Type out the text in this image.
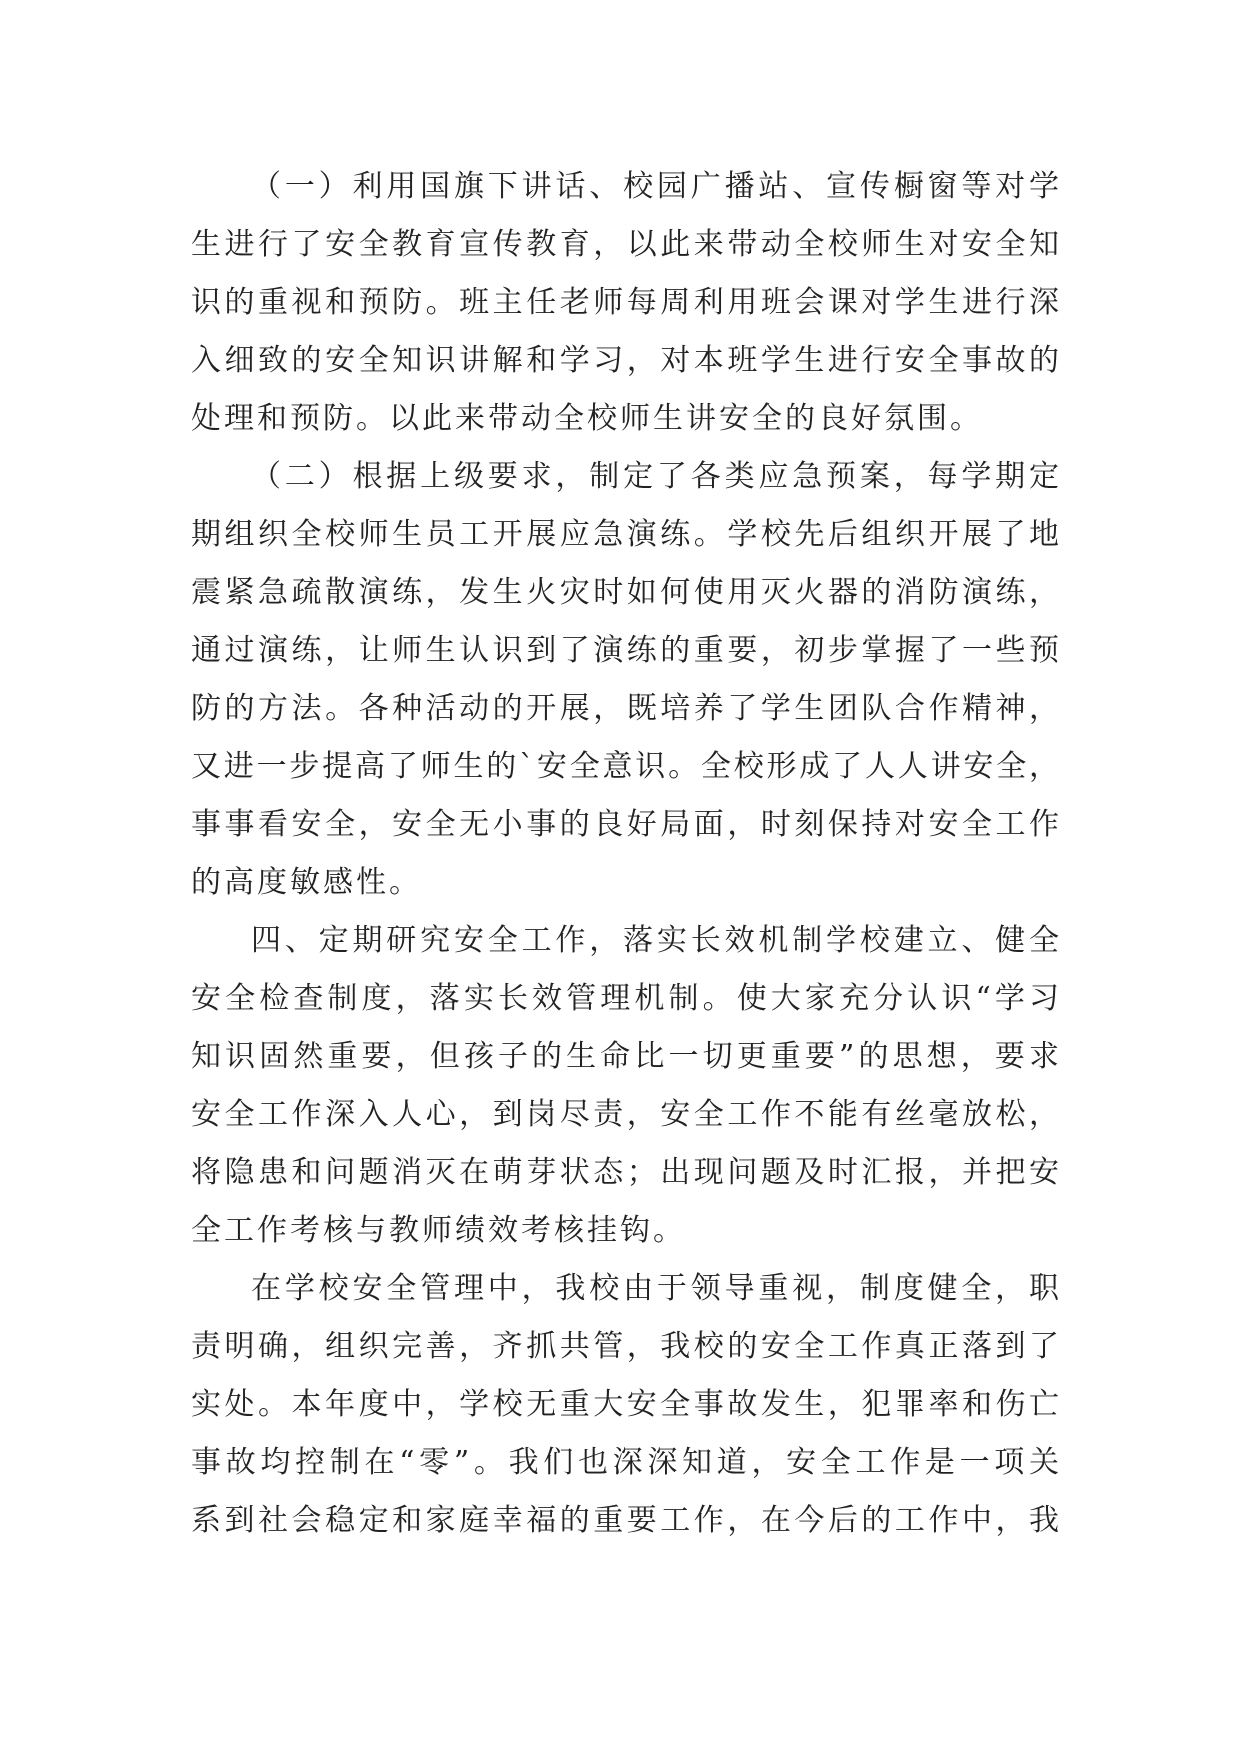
（一）利用国旗下讲话、校园广播站、宣传橱窗等对学
生进行了安全教育宣传教育，以此来带动全校师生对安全知
识的重视和预防。班主任老师每周利用班会课对学生进行深
入细致的安全知识讲解和学习，对本班学生进行安全事故的
处理和预防。以此来带动全校师生讲安全的良好氛围。
（二）根据上级要求，制定了各类应急预案，每学期定
期组织全校师生员工开展应急演练。学校先后组织开展了地
震紧急疏散演练，发生火灾时如何使用灭火器的消防演练，
通过演练，让师生认识到了演练的重要，初步掌握了一些预
防的方法。各种活动的开展，既培养了学生团队合作精神，
又进一步提高了师生的`安全意识。全校形成了人人讲安全，
事事看安全，安全无小事的良好局面，时刻保持对安全工作
的高度敏感性。
四、定期研究安全工作，落实长效机制学校建立、健全
安全检查制度，落实长效管理机制。使大家充分认识“学习
知识固然重要，但孩子的生命比一切更重要”的思想，要求
安全工作深入人心，到岗尽责，安全工作不能有丝毫放松，
将隐患和问题消灭在萌芽状态；出现问题及时汇报，并把安
全工作考核与教师绩效考核挂钩。
在学校安全管理中，我校由于领导重视，制度健全，职
责明确，组织完善，齐抓共管，我校的安全工作真正落到了
实处。本年度中，学校无重大安全事故发生，犯罪率和伤亡
事故均控制在“零”。我们也深深知道，安全工作是一项关
系到社会稳定和家庭幸福的重要工作，在今后的工作中，我
